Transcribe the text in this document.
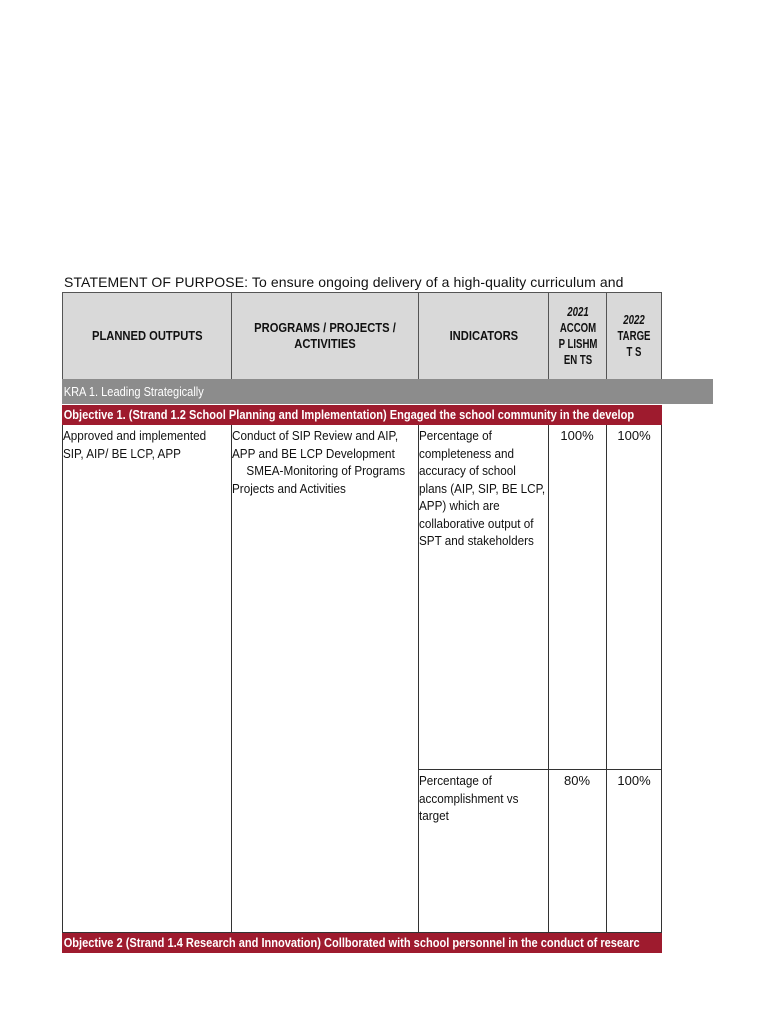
STATEMENT OF PURPOSE: To ensure ongoing delivery of a high-quality curriculum and
PLANNED OUTPUTS
PROGRAMS / PROJECTS / ACTIVITIES
INDICATORS
2021
ACCOMP LISHMEN TS
2022
TARGET S
KRA 1. Leading Strategically
Objective 1. (Strand 1.2 School Planning and Implementation) Engaged the school community in the develop
Approved and implemented SIP, AIP/ BE LCP, APP
Conduct of SIP Review and AIP, APP and BE LCP Development SMEA-Monitoring of Programs Projects and Activities
Percentage of completeness and accuracy of school plans (AIP, SIP, BE LCP, APP) which are collaborative output of SPT and stakeholders
100%	100%
Percentage of accomplishment vs target
80%	100%
Objective 2 (Strand 1.4 Research and Innovation) Collborated with school personnel in the conduct of researc
